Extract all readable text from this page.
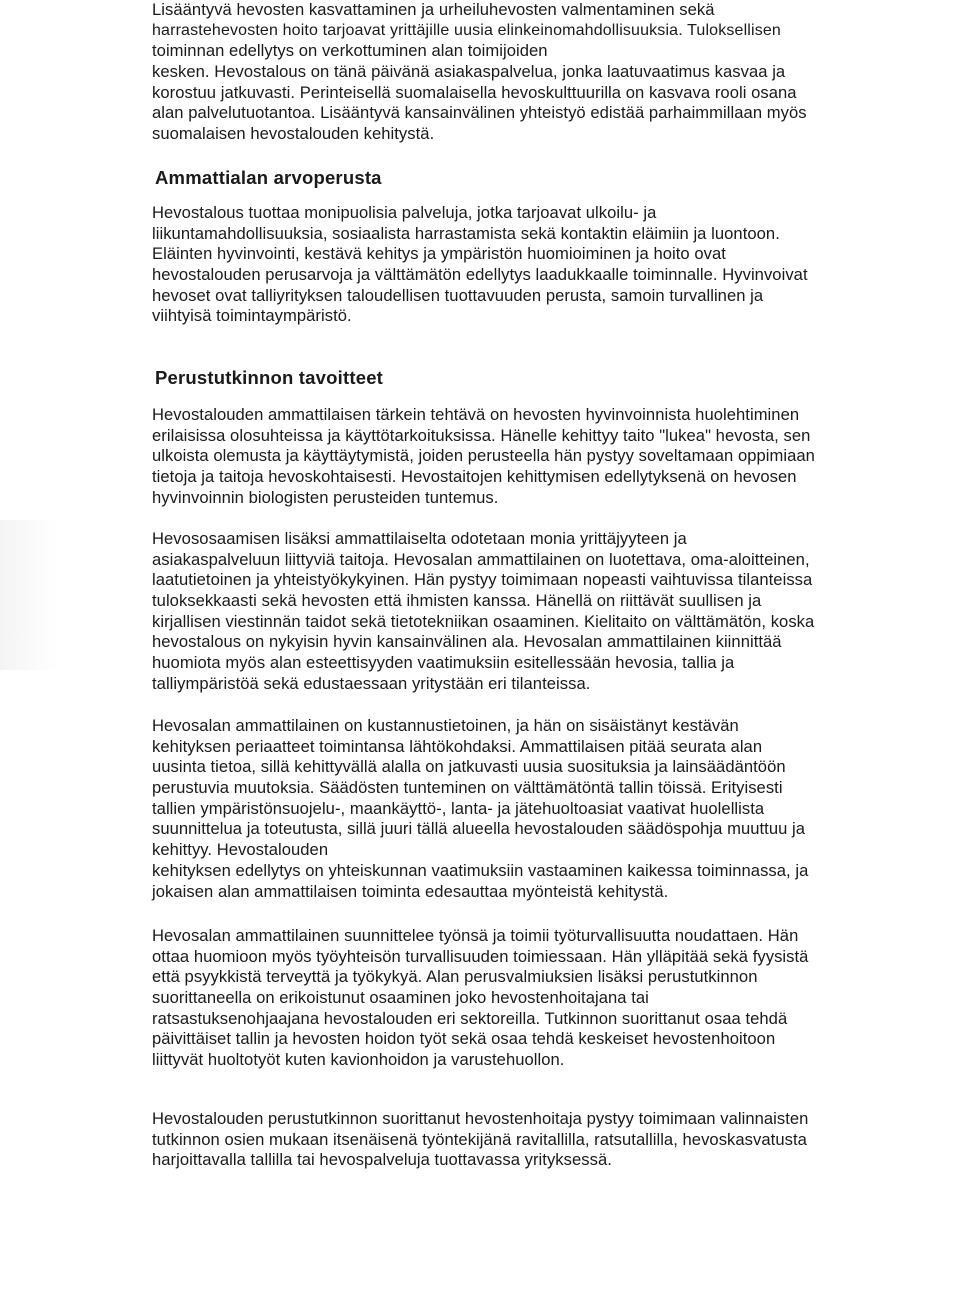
Lisääntyvä hevosten kasvattaminen ja urheiluhevosten valmentaminen sekä
harrastehevosten hoito tarjoavat yrittäjille uusia elinkeinomahdollisuuksia. Tuloksellisen
toiminnan edellytys on verkottuminen alan toimijoiden
kesken. Hevostalous on tänä päivänä asiakaspalvelua, jonka laatuvaatimus kasvaa ja
korostuu jatkuvasti. Perinteisellä suomalaisella hevoskulttuurilla on kasvava rooli osana
alan palvelutuotantoa. Lisääntyvä kansainvälinen yhteistyö edistää parhaimmillaan myös
suomalaisen hevostalouden kehitystä.
Ammattialan arvoperusta
Hevostalous tuottaa monipuolisia palveluja, jotka tarjoavat ulkoilu- ja
liikuntamahdollisuuksia, sosiaalista harrastamista sekä kontaktin eläimiin ja luontoon.
Eläinten hyvinvointi, kestävä kehitys ja ympäristön huomioiminen ja hoito ovat
hevostalouden perusarvoja ja välttämätön edellytys laadukkaalle toiminnalle. Hyvinvoivat
hevoset ovat talliyrityksen taloudellisen tuottavuuden perusta, samoin turvallinen ja
viihtyisä toimintaympäristö.
Perustutkinnon tavoitteet
Hevostalouden ammattilaisen tärkein tehtävä on hevosten hyvinvoinnista huolehtiminen
erilaisissa olosuhteissa ja käyttötarkoituksissa. Hänelle kehittyy taito "lukea" hevosta, sen
ulkoista olemusta ja käyttäytymistä, joiden perusteella hän pystyy soveltamaan oppimiaan
tietoja ja taitoja hevoskohtaisesti. Hevostaitojen kehittymisen edellytyksenä on hevosen
hyvinvoinnin biologisten perusteiden tuntemus.
Hevososaamisen lisäksi ammattilaiselta odotetaan monia yrittäjyyteen ja
asiakaspalveluun liittyviä taitoja. Hevosalan ammattilainen on luotettava, oma-aloitteinen,
laatutietoinen ja yhteistyökykyinen. Hän pystyy toimimaan nopeasti vaihtuvissa tilanteissa
tuloksekkaasti sekä hevosten että ihmisten kanssa. Hänellä on riittävät suullisen ja
kirjallisen viestinnän taidot sekä tietotekniikan osaaminen. Kielitaito on välttämätön, koska
hevostalous on nykyisin hyvin kansainvälinen ala. Hevosalan ammattilainen kiinnittää
huomiota myös alan esteettisyyden vaatimuksiin esitellessään hevosia, tallia ja
talliympäristöä sekä edustaessaan yritystään eri tilanteissa.
Hevosalan ammattilainen on kustannustietoinen, ja hän on sisäistänyt kestävän
kehityksen periaatteet toimintansa lähtökohdaksi. Ammattilaisen pitää seurata alan
uusinta tietoa, sillä kehittyvällä alalla on jatkuvasti uusia suosituksia ja lainsäädäntöön
perustuvia muutoksia. Säädösten tunteminen on välttämätöntä tallin töissä. Erityisesti
tallien ympäristönsuojelu-, maankäyttö-, lanta- ja jätehuoltoasiat vaativat huolellista
suunnittelua ja toteutusta, sillä juuri tällä alueella hevostalouden säädöspohja muuttuu ja
kehittyy. Hevostalouden
kehityksen edellytys on yhteiskunnan vaatimuksiin vastaaminen kaikessa toiminnassa, ja
jokaisen alan ammattilaisen toiminta edesauttaa myönteistä kehitystä.
Hevosalan ammattilainen suunnittelee työnsä ja toimii työturvallisuutta noudattaen. Hän
ottaa huomioon myös työyhteisön turvallisuuden toimiessaan. Hän ylläpitää sekä fyysistä
että psyykkistä terveyttä ja työkykyä. Alan perusvalmiuksien lisäksi perustutkinnon
suorittaneella on erikoistunut osaaminen joko hevostenhoitajana tai
ratsastuksenohjaajana hevostalouden eri sektoreilla. Tutkinnon suorittanut osaa tehdä
päivittäiset tallin ja hevosten hoidon työt sekä osaa tehdä keskeiset hevostenhoitoon
liittyvät huoltotyöt kuten kavionhoidon ja varustehuollon.
Hevostalouden perustutkinnon suorittanut hevostenhoitaja pystyy toimimaan valinnaisten
tutkinnon osien mukaan itsenäisenä työntekijänä ravitallilla, ratsutallilla, hevoskasvatusta
harjoittavalla tallilla tai hevospalveluja tuottavassa yrityksessä.
